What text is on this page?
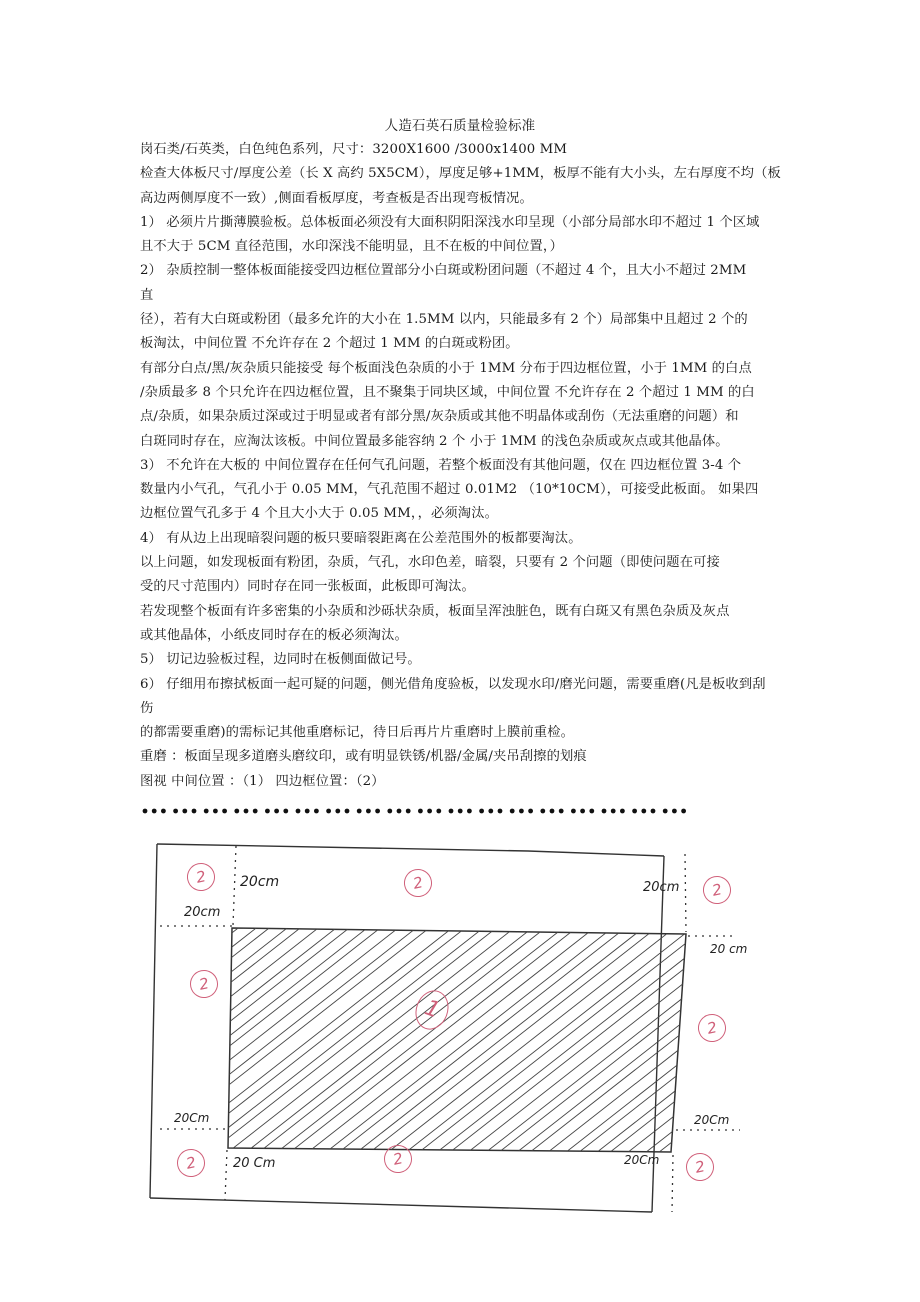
人造石英石质量检验标准
岗石类/石英类，白色纯色系列，尺寸：3200X1600 /3000x1400 MM
检查大体板尺寸/厚度公差（长 X 高约 5X5CM），厚度足够+1MM，板厚不能有大小头，左右厚度不均（板
高边两侧厚度不一致）,侧面看板厚度，考查板是否出现弯板情况。
1） 必须片片撕薄膜验板。总体板面必须没有大面积阴阳深浅水印呈现（小部分局部水印不超过 1 个区域
且不大于 5CM 直径范围，水印深浅不能明显，且不在板的中间位置，）
2） 杂质控制一整体板面能接受四边框位置部分小白斑或粉团问题（不超过 4 个，且大小不超过 2MM
直
径），若有大白斑或粉团（最多允许的大小在 1.5MM 以内，只能最多有 2 个）局部集中且超过 2 个的
板淘汰，中间位置 不允许存在 2 个超过 1 MM 的白斑或粉团。
有部分白点/黑/灰杂质只能接受 每个板面浅色杂质的小于 1MM 分布于四边框位置，小于 1MM 的白点
/杂质最多 8 个只允许在四边框位置，且不聚集于同块区域，中间位置 不允许存在 2 个超过 1 MM 的白
点/杂质，如果杂质过深或过于明显或者有部分黑/灰杂质或其他不明晶体或刮伤（无法重磨的问题）和
白斑同时存在，应淘汰该板。中间位置最多能容纳 2 个 小于 1MM 的浅色杂质或灰点或其他晶体。
3） 不允许在大板的 中间位置存在任何气孔问题，若整个板面没有其他问题，仅在 四边框位置 3-4 个
数量内小气孔，气孔小于 0.05 MM，气孔范围不超过 0.01M2 （10*10CM），可接受此板面。 如果四
边框位置气孔多于 4 个且大小大于 0.05 MM，，必须淘汰。
4） 有从边上出现暗裂问题的板只要暗裂距离在公差范围外的板都要淘汰。
以上问题，如发现板面有粉团，杂质，气孔，水印色差，暗裂，只要有 2 个问题（即使问题在可接
受的尺寸范围内）同时存在同一张板面，此板即可淘汰。
若发现整个板面有许多密集的小杂质和沙砾状杂质，板面呈浑浊脏色，既有白斑又有黑色杂质及灰点
或其他晶体，小纸皮同时存在的板必须淘汰。
5） 切记边验板过程，边同时在板侧面做记号。
6） 仔细用布擦拭板面一起可疑的问题，侧光借角度验板，以发现水印/磨光问题，需要重磨(凡是板收到刮
伤
的都需要重磨)的需标记其他重磨标记，待日后再片片重磨时上膜前重检。
重磨 ：板面呈现多道磨头磨纹印，或有明显铁锈/机器/金属/夹吊刮擦的划痕
图视 中间位置 ：（1） 四边框位置：（2）
20cm
20cm
20cm
20 cm
20Cm
20 Cm
20Cm
20Cm
2	2	2
2
2
1
2	2	2
